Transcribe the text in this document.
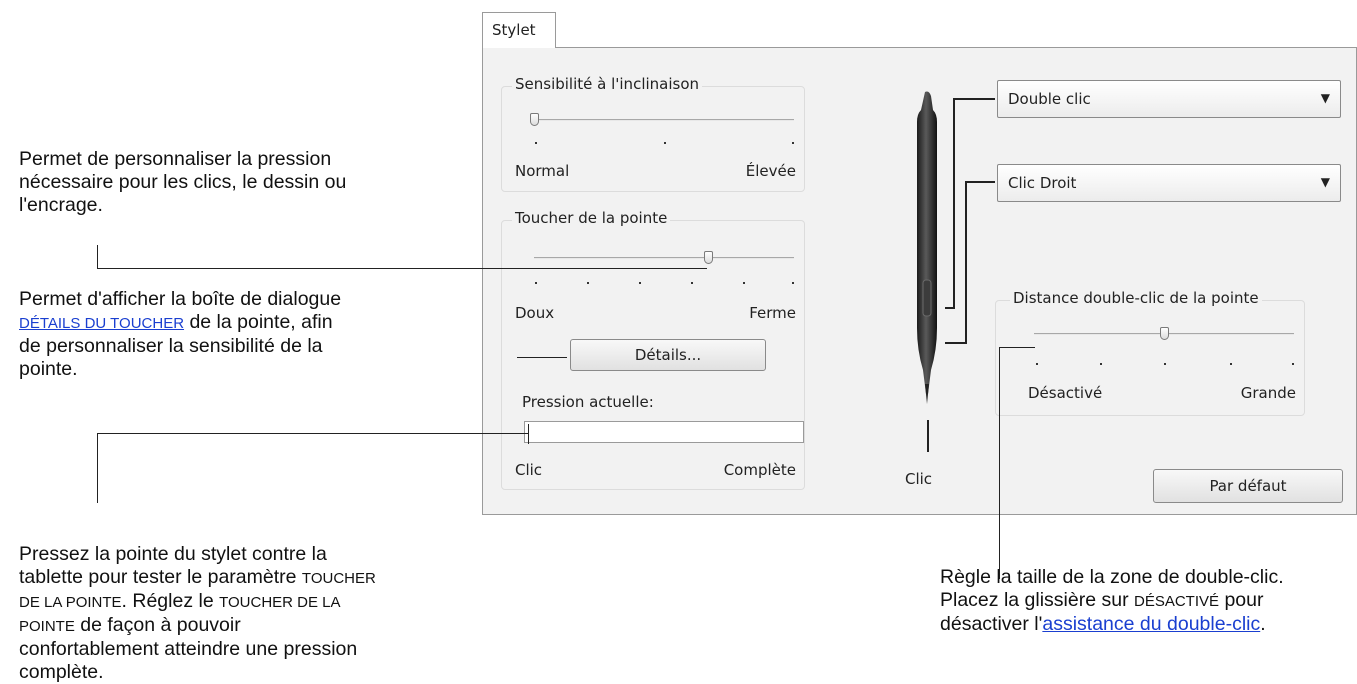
Stylet
Sensibilité à l'inclinaison
Normal	Élevée
Toucher de la pointe
Doux	Ferme
Détails...
Pression actuelle:
Clic	Complète	Clic
Double clic	▼
Clic Droit	▼
Distance double-clic de la pointe
Désactivé	Grande
Par défaut
Permet de personnaliser la pression nécessaire pour les clics, le dessin ou l'encrage.
Permet d'afficher la boîte de dialogue DÉTAILS DU TOUCHER de la pointe, afin de personnaliser la sensibilité de la pointe.
Pressez la pointe du stylet contre la tablette pour tester le paramètre TOUCHER DE LA POINTE. Réglez le TOUCHER DE LA POINTE de façon à pouvoir confortablement atteindre une pression complète.
Règle la taille de la zone de double-clic. Placez la glissière sur DÉSACTIVÉ pour désactiver l'assistance du double-clic.
